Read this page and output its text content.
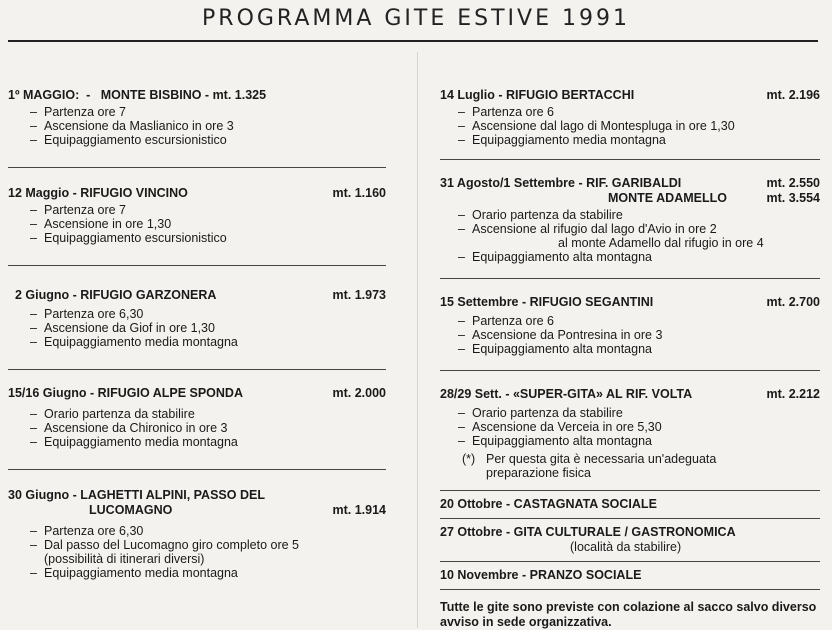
PROGRAMMA GITE ESTIVE 1991
1º MAGGIO:  -   MONTE BISBINO - mt. 1.325
– Partenza ore 7
– Ascensione da Maslianico in ore 3
– Equipaggiamento escursionistico
12 Maggio - RIFUGIO VINCINO	mt. 1.160
– Partenza ore 7
– Ascensione in ore 1,30
– Equipaggiamento escursionistico
2 Giugno - RIFUGIO GARZONERA	mt. 1.973
– Partenza ore 6,30
– Ascensione da Giof in ore 1,30
– Equipaggiamento media montagna
15/16 Giugno - RIFUGIO ALPE SPONDA	mt. 2.000
– Orario partenza da stabilire
– Ascensione da Chironico in ore 3
– Equipaggiamento media montagna
30 Giugno - LAGHETTI ALPINI, PASSO DEL
LUCOMAGNO	mt. 1.914
– Partenza ore 6,30
– Dal passo del Lucomagno giro completo ore 5
(possibilità di itinerari diversi)
– Equipaggiamento media montagna
14 Luglio - RIFUGIO BERTACCHI	mt. 2.196
– Partenza ore 6
– Ascensione dal lago di Montespluga in ore 1,30
– Equipaggiamento media montagna
31 Agosto/1 Settembre - RIF. GARIBALDI	mt. 2.550
MONTE ADAMELLO	mt. 3.554
– Orario partenza da stabilire
– Ascensione al rifugio dal lago d'Avio in ore 2
al monte Adamello dal rifugio in ore 4
– Equipaggiamento alta montagna
15 Settembre - RIFUGIO SEGANTINI	mt. 2.700
– Partenza ore 6
– Ascensione da Pontresina in ore 3
– Equipaggiamento alta montagna
28/29 Sett. - «SUPER-GITA» AL RIF. VOLTA	mt. 2.212
– Orario partenza da stabilire
– Ascensione da Verceia in ore 5,30
– Equipaggiamento alta montagna
(*) Per questa gita è necessaria un'adeguata preparazione fisica
20 Ottobre - CASTAGNATA SOCIALE
27 Ottobre - GITA CULTURALE / GASTRONOMICA
(località da stabilire)
10 Novembre - PRANZO SOCIALE
Tutte le gite sono previste con colazione al sacco salvo diverso avviso in sede organizzativa.
